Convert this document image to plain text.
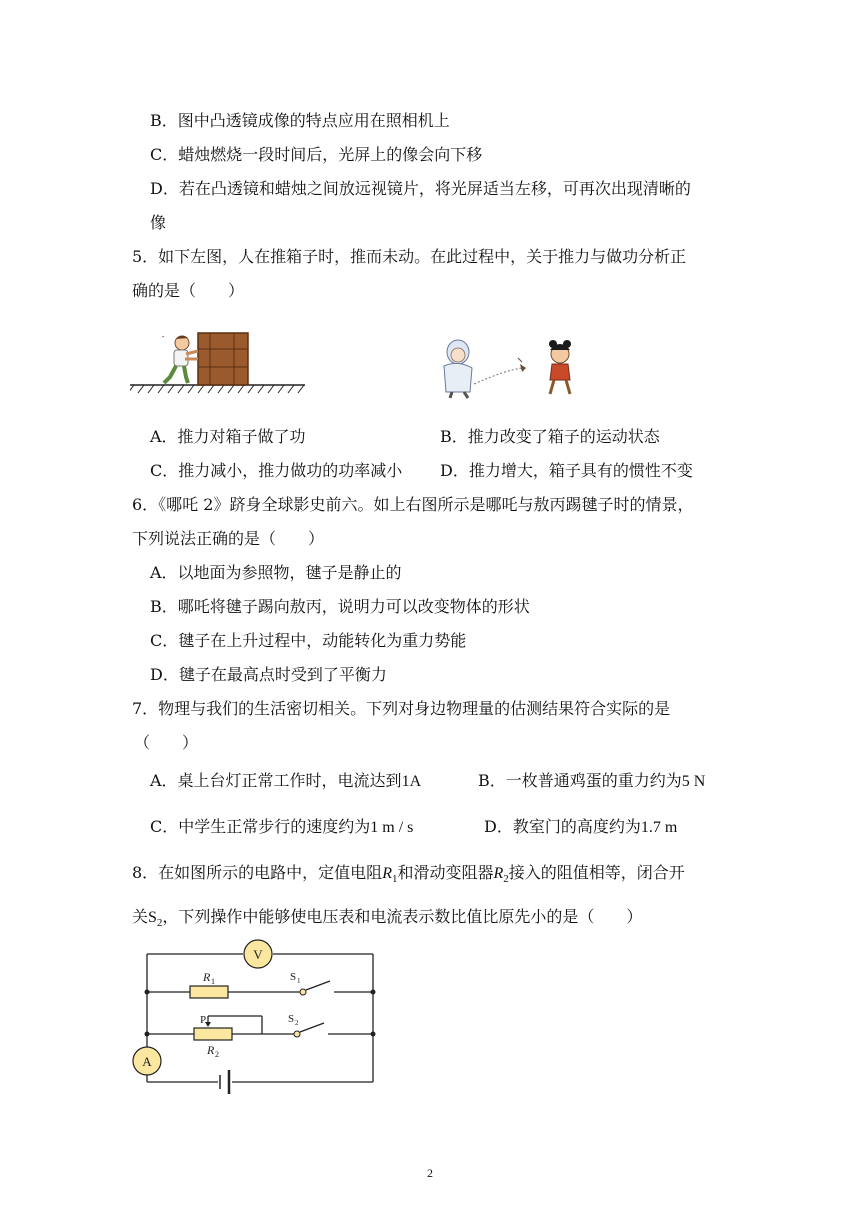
B．图中凸透镜成像的特点应用在照相机上
C．蜡烛燃烧一段时间后，光屏上的像会向下移
D．若在凸透镜和蜡烛之间放远视镜片，将光屏适当左移，可再次出现清晰的
像
5．如下左图，人在推箱子时，推而未动。在此过程中，关于推力与做功分析正
确的是（　　）
″
A．推力对箱子做了功	B．推力改变了箱子的运动状态
C．推力减小，推力做功的功率减小 D．推力增大，箱子具有的惯性不变
6．《哪吒 2》跻身全球影史前六。如上右图所示是哪吒与敖丙踢毽子时的情景，
下列说法正确的是（　　）
A．以地面为参照物，毽子是静止的
B．哪吒将毽子踢向敖丙，说明力可以改变物体的形状
C．毽子在上升过程中，动能转化为重力势能
D．毽子在最高点时受到了平衡力
7．物理与我们的生活密切相关。下列对身边物理量的估测结果符合实际的是
（　　）
A．桌上台灯正常工作时，电流达到1A	B．一枚普通鸡蛋的重力约为5 N
C．中学生正常步行的速度约为1 m / s	D．教室门的高度约为1.7 m
8．在如图所示的电路中，定值电阻$R_1$和滑动变阻器$R_2$接入的阻值相等，闭合开
关$S_2$，下列操作中能够使电压表和电流表示数比值比原先小的是（　　）
V
A
R 1
R 2
P
S 1
S 2
2
